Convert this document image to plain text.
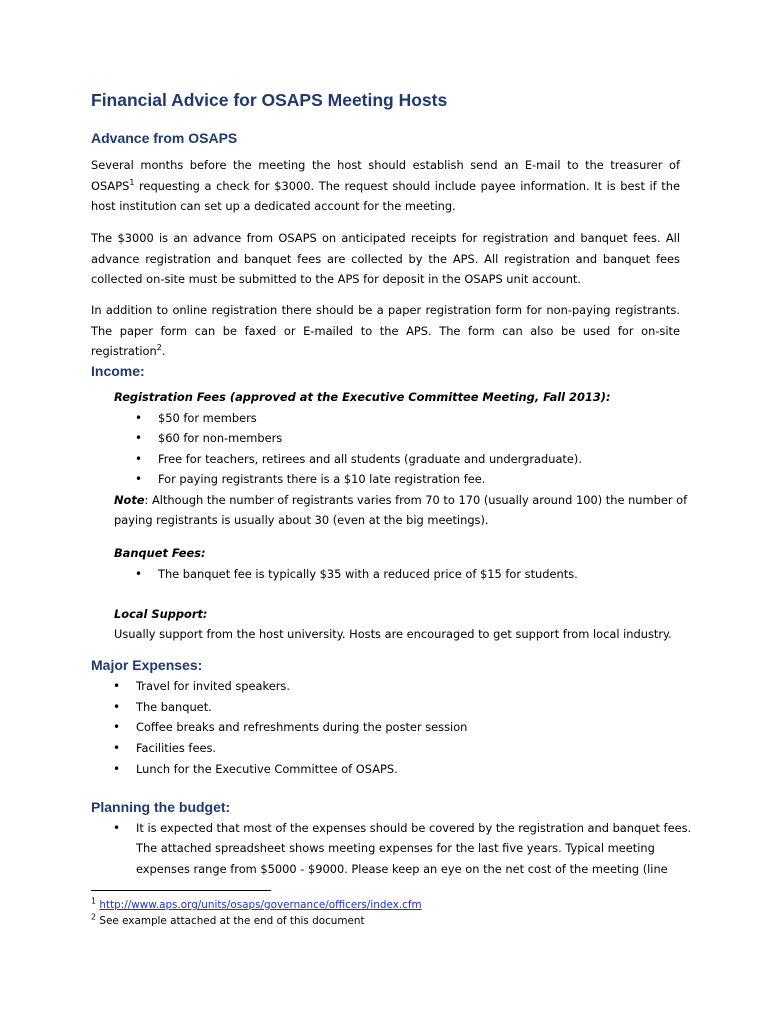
Financial Advice for OSAPS Meeting Hosts
Advance from OSAPS
Several months before the meeting the host should establish send an E-mail to the treasurer of OSAPS$^1$ requesting a check for $3000. The request should include payee information. It is best if the host institution can set up a dedicated account for the meeting.
The $3000 is an advance from OSAPS on anticipated receipts for registration and banquet fees. All advance registration and banquet fees are collected by the APS. All registration and banquet fees collected on-site must be submitted to the APS for deposit in the OSAPS unit account.
In addition to online registration there should be a paper registration form for non-paying registrants. The paper form can be faxed or E-mailed to the APS. The form can also be used for on-site registration$^2$.
Income:
Registration Fees (approved at the Executive Committee Meeting, Fall 2013):
• $50 for members
• $60 for non-members
• Free for teachers, retirees and all students (graduate and undergraduate).
• For paying registrants there is a $10 late registration fee.
Note: Although the number of registrants varies from 70 to 170 (usually around 100) the number of
paying registrants is usually about 30 (even at the big meetings).
Banquet Fees:
• The banquet fee is typically $35 with a reduced price of $15 for students.
Local Support:
Usually support from the host university. Hosts are encouraged to get support from local industry.
Major Expenses:
• Travel for invited speakers.
• The banquet.
• Coffee breaks and refreshments during the poster session
• Facilities fees.
• Lunch for the Executive Committee of OSAPS.
Planning the budget:
• It is expected that most of the expenses should be covered by the registration and banquet fees.
The attached spreadsheet shows meeting expenses for the last five years. Typical meeting
expenses range from $5000 - $9000. Please keep an eye on the net cost of the meeting (line
$^1$ http://www.aps.org/units/osaps/governance/officers/index.cfm
$^2$ See example attached at the end of this document
